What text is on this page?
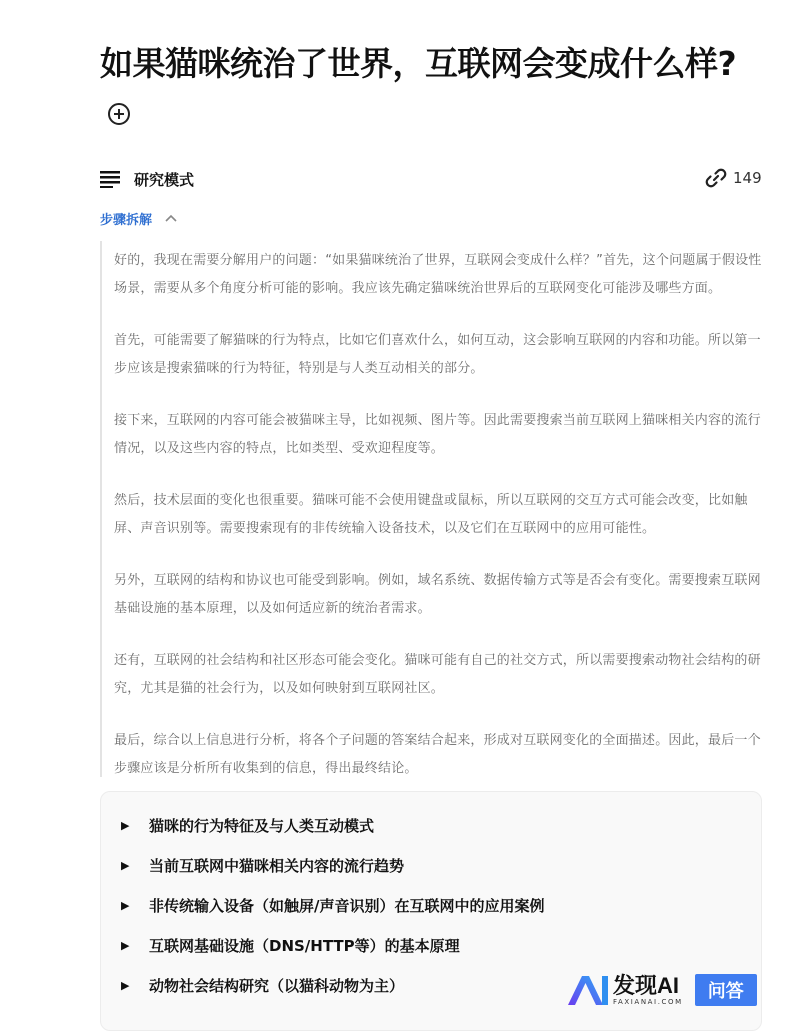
如果猫咪统治了世界，互联网会变成什么样?
研究模式	149
步骤拆解

好的，我现在需要分解用户的问题：“如果猫咪统治了世界，互联网会变成什么样？”首先，这个问题属于假设性场景，需要从多个角度分析可能的影响。我应该先确定猫咪统治世界后的互联网变化可能涉及哪些方面。

首先，可能需要了解猫咪的行为特点，比如它们喜欢什么，如何互动，这会影响互联网的内容和功能。所以第一步应该是搜索猫咪的行为特征，特别是与人类互动相关的部分。

接下来，互联网的内容可能会被猫咪主导，比如视频、图片等。因此需要搜索当前互联网上猫咪相关内容的流行情况，以及这些内容的特点，比如类型、受欢迎程度等。

然后，技术层面的变化也很重要。猫咪可能不会使用键盘或鼠标，所以互联网的交互方式可能会改变，比如触屏、声音识别等。需要搜索现有的非传统输入设备技术，以及它们在互联网中的应用可能性。

另外，互联网的结构和协议也可能受到影响。例如，域名系统、数据传输方式等是否会有变化。需要搜索互联网基础设施的基本原理，以及如何适应新的统治者需求。

还有，互联网的社会结构和社区形态可能会变化。猫咪可能有自己的社交方式，所以需要搜索动物社会结构的研究，尤其是猫的社会行为，以及如何映射到互联网社区。

最后，综合以上信息进行分析，将各个子问题的答案结合起来，形成对互联网变化的全面描述。因此，最后一个步骤应该是分析所有收集到的信息，得出最终结论。

▶	猫咪的行为特征及与人类互动模式
▶	当前互联网中猫咪相关内容的流行趋势
▶	非传统输入设备（如触屏/声音识别）在互联网中的应用案例
▶	互联网基础设施（DNS/HTTP等）的基本原理
▶	动物社会结构研究（以猫科动物为主）	发现AI
FAXIANAI.COM	问答
